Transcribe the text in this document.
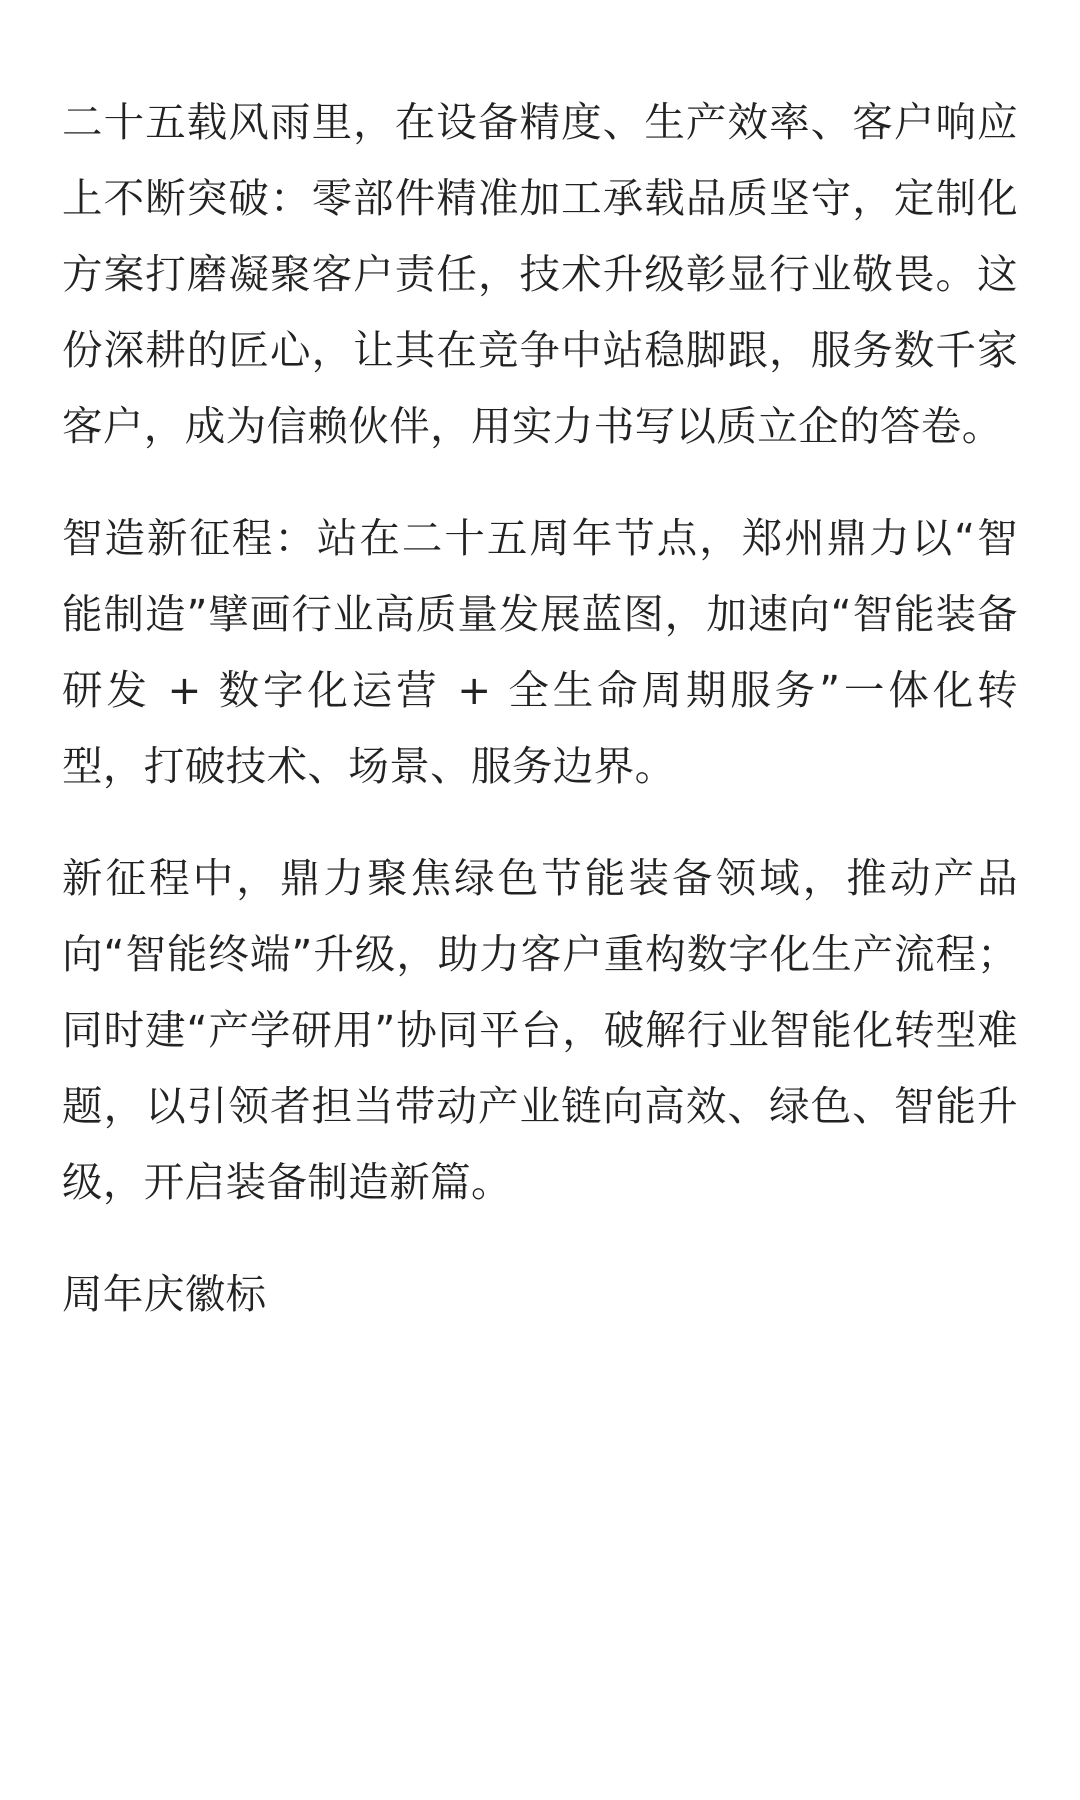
二十五载风雨里，在设备精度、生产效率、客户响应上不断突破：零部件精准加工承载品质坚守，定制化方案打磨凝聚客户责任，技术升级彰显行业敬畏。这份深耕的匠心，让其在竞争中站稳脚跟，服务数千家客户，成为信赖伙伴，用实力书写以质立企的答卷。

智造新征程：站在二十五周年节点，郑州鼎力以“智能制造”擘画行业高质量发展蓝图，加速向“智能装备研发 + 数字化运营 + 全生命周期服务”一体化转型，打破技术、场景、服务边界。

新征程中，鼎力聚焦绿色节能装备领域，推动产品向“智能终端”升级，助力客户重构数字化生产流程；同时建“产学研用”协同平台，破解行业智能化转型难题，以引领者担当带动产业链向高效、绿色、智能升级，开启装备制造新篇。

周年庆徽标
